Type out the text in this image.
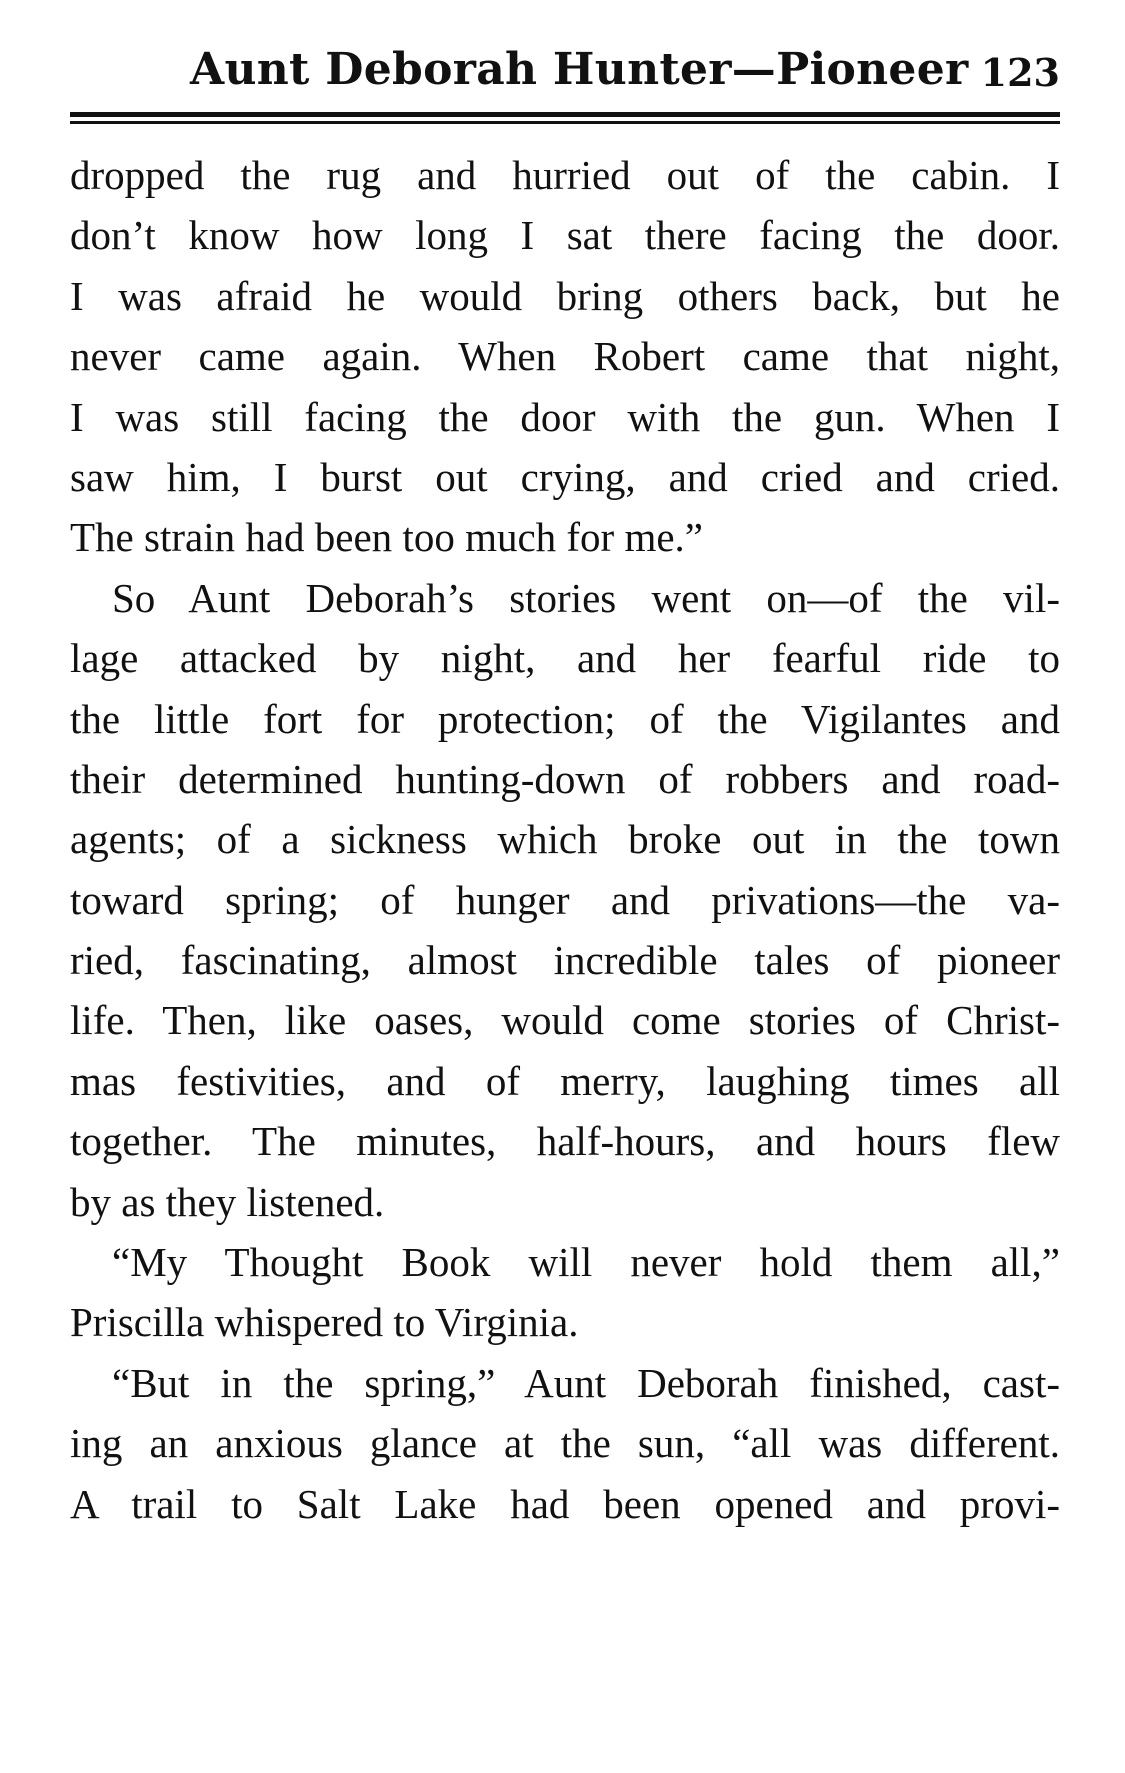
Aunt Deborah Hunter—Pioneer 123
dropped the rug and hurried out of the cabin. I
don’t know how long I sat there facing the door.
I was afraid he would bring others back, but he
never came again. When Robert came that night,
I was still facing the door with the gun. When I
saw him, I burst out crying, and cried and cried.
The strain had been too much for me.”
So Aunt Deborah’s stories went on—of the vil-
lage attacked by night, and her fearful ride to
the little fort for protection; of the Vigilantes and
their determined hunting-down of robbers and road-
agents; of a sickness which broke out in the town
toward spring; of hunger and privations—the va-
ried, fascinating, almost incredible tales of pioneer
life. Then, like oases, would come stories of Christ-
mas festivities, and of merry, laughing times all
together. The minutes, half-hours, and hours flew
by as they listened.
“My Thought Book will never hold them all,”
Priscilla whispered to Virginia.
“But in the spring,” Aunt Deborah finished, cast-
ing an anxious glance at the sun, “all was different.
A trail to Salt Lake had been opened and provi-
